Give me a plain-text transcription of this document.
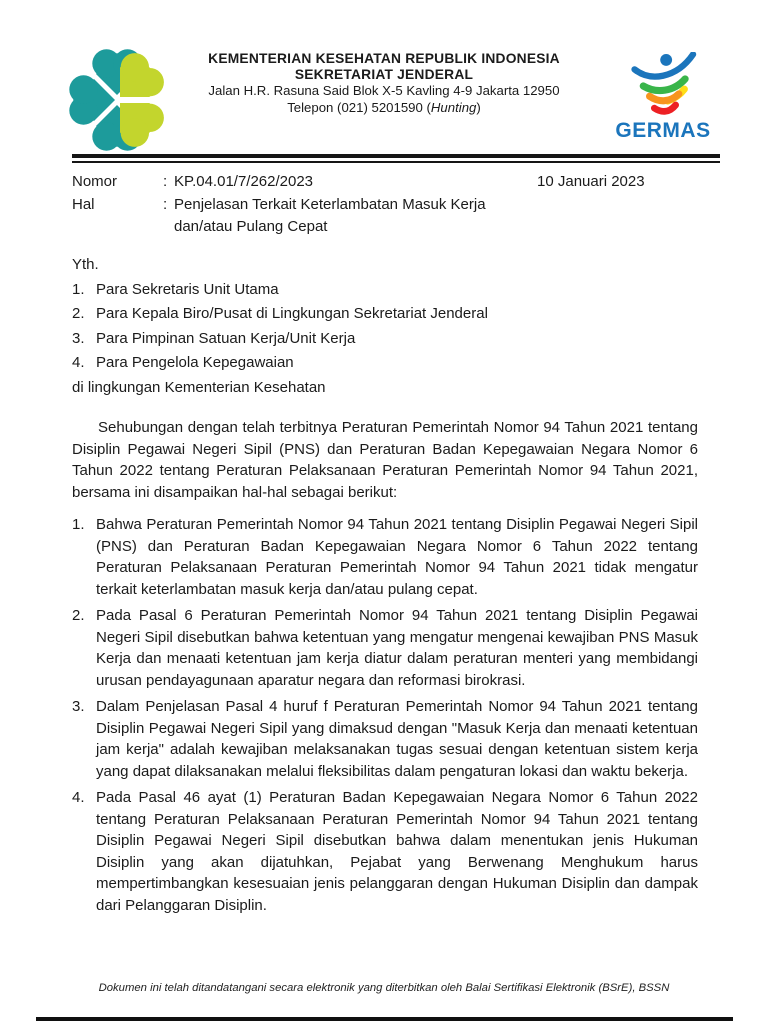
KEMENTERIAN KESEHATAN REPUBLIK INDONESIA
SEKRETARIAT JENDERAL
Jalan H.R. Rasuna Said Blok X-5 Kavling 4-9 Jakarta 12950
Telepon (021) 5201590 (Hunting)
GERMAS
10 Januari 2023
Nomor	: KP.04.01/7/262/2023
Hal	: Penjelasan Terkait Keterlambatan Masuk Kerja
dan/atau Pulang Cepat
Yth.
1. Para Sekretaris Unit Utama
2. Para Kepala Biro/Pusat di Lingkungan Sekretariat Jenderal
3. Para Pimpinan Satuan Kerja/Unit Kerja
4. Para Pengelola Kepegawaian
di lingkungan Kementerian Kesehatan

Sehubungan dengan telah terbitnya Peraturan Pemerintah Nomor 94 Tahun 2021 tentang Disiplin Pegawai Negeri Sipil (PNS) dan Peraturan Badan Kepegawaian Negara Nomor 6 Tahun 2022 tentang Peraturan Pelaksanaan Peraturan Pemerintah Nomor 94 Tahun 2021, bersama ini disampaikan hal-hal sebagai berikut:

1. Bahwa Peraturan Pemerintah Nomor 94 Tahun 2021 tentang Disiplin Pegawai Negeri Sipil (PNS) dan Peraturan Badan Kepegawaian Negara Nomor 6 Tahun 2022 tentang Peraturan Pelaksanaan Peraturan Pemerintah Nomor 94 Tahun 2021 tidak mengatur terkait keterlambatan masuk kerja dan/atau pulang cepat.
2. Pada Pasal 6 Peraturan Pemerintah Nomor 94 Tahun 2021 tentang Disiplin Pegawai Negeri Sipil disebutkan bahwa ketentuan yang mengatur mengenai kewajiban PNS Masuk Kerja dan menaati ketentuan jam kerja diatur dalam peraturan menteri yang membidangi urusan pendayagunaan aparatur negara dan reformasi birokrasi.
3. Dalam Penjelasan Pasal 4 huruf f Peraturan Pemerintah Nomor 94 Tahun 2021 tentang Disiplin Pegawai Negeri Sipil yang dimaksud dengan "Masuk Kerja dan menaati ketentuan jam kerja" adalah kewajiban melaksanakan tugas sesuai dengan ketentuan sistem kerja yang dapat dilaksanakan melalui fleksibilitas dalam pengaturan lokasi dan waktu bekerja.
4. Pada Pasal 46 ayat (1) Peraturan Badan Kepegawaian Negara Nomor 6 Tahun 2022 tentang Peraturan Pelaksanaan Peraturan Pemerintah Nomor 94 Tahun 2021 tentang Disiplin Pegawai Negeri Sipil disebutkan bahwa dalam menentukan jenis Hukuman Disiplin yang akan dijatuhkan, Pejabat yang Berwenang Menghukum harus mempertimbangkan kesesuaian jenis pelanggaran dengan Hukuman Disiplin dan dampak dari Pelanggaran Disiplin.
Dokumen ini telah ditandatangani secara elektronik yang diterbitkan oleh Balai Sertifikasi Elektronik (BSrE), BSSN
